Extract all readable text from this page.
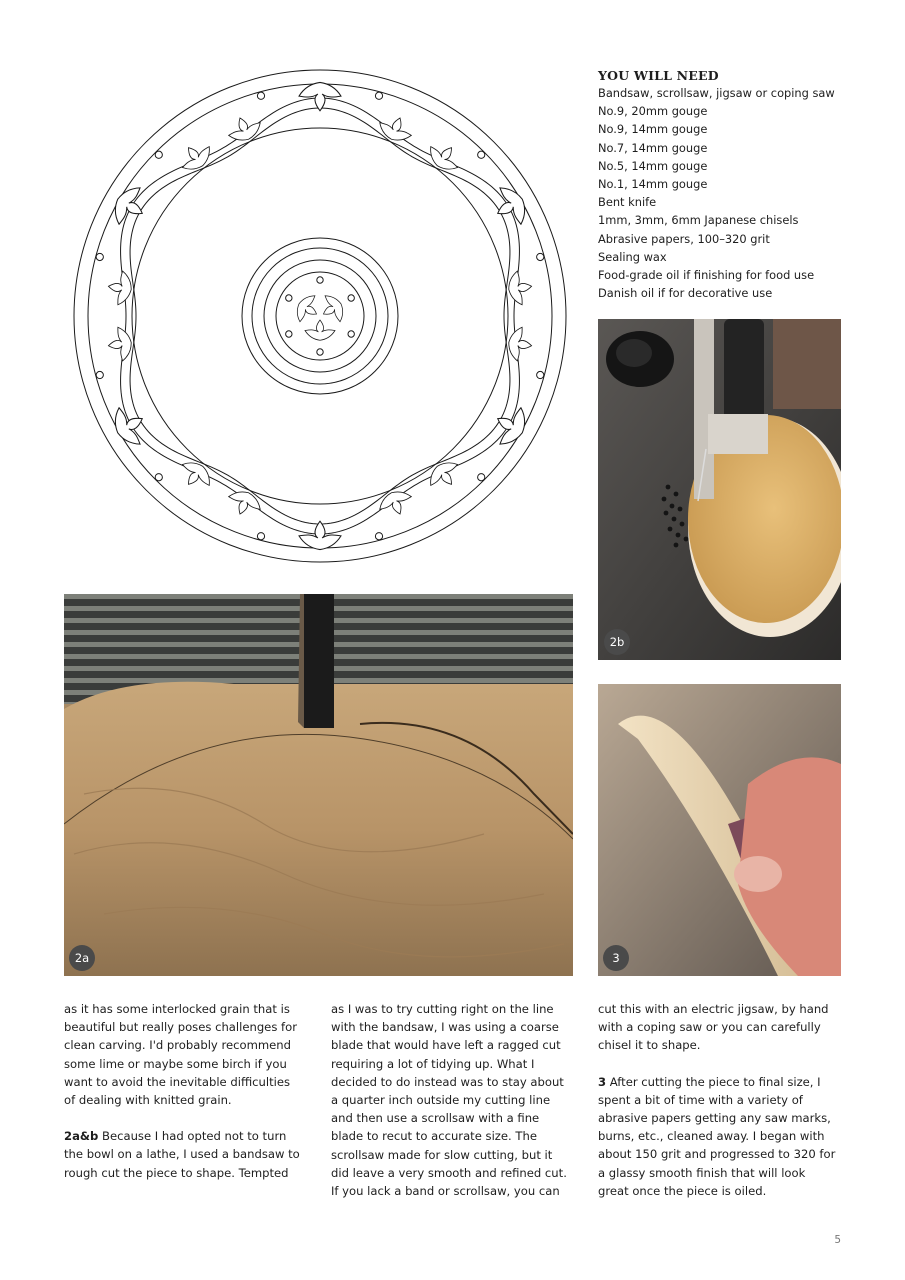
YOU WILL NEED
Bandsaw, scrollsaw, jigsaw or coping saw
No.9, 20mm gouge
No.9, 14mm gouge
No.7, 14mm gouge
No.5, 14mm gouge
No.1, 14mm gouge
Bent knife
1mm, 3mm, 6mm Japanese chisels
Abrasive papers, 100–320 grit
Sealing wax
Food-grade oil if finishing for food use
Danish oil if for decorative use
2b
2a	3

as it has some interlocked grain that is beautiful but really poses challenges for clean carving. I'd probably recommend some lime or maybe some birch if you want to avoid the inevitable difficulties of dealing with knitted grain.

2a&b Because I had opted not to turn the bowl on a lathe, I used a bandsaw to rough cut the piece to shape. Tempted

as I was to try cutting right on the line with the bandsaw, I was using a coarse blade that would have left a ragged cut requiring a lot of tidying up. What I decided to do instead was to stay about a quarter inch outside my cutting line and then use a scrollsaw with a fine blade to recut to accurate size. The scrollsaw made for slow cutting, but it did leave a very smooth and refined cut. If you lack a band or scrollsaw, you can

cut this with an electric jigsaw, by hand with a coping saw or you can carefully chisel it to shape.

3 After cutting the piece to final size, I spent a bit of time with a variety of abrasive papers getting any saw marks, burns, etc., cleaned away. I began with about 150 grit and progressed to 320 for a glassy smooth finish that will look great once the piece is oiled.

5
